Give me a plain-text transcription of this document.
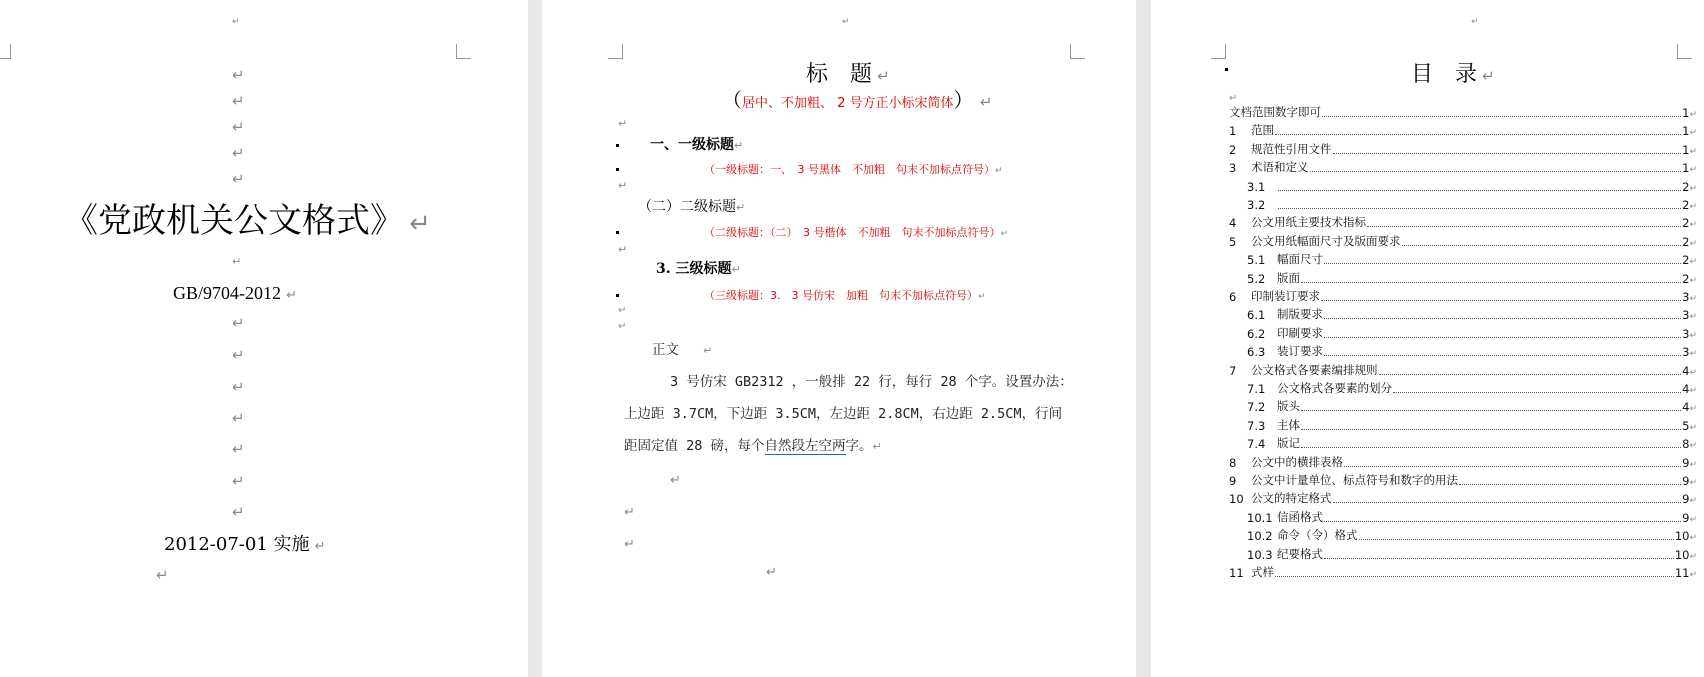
↵
↵
↵
↵
↵
↵
《党政机关公文格式》 ↵
↵
GB/9704-2012 ↵
↵
↵
↵
↵
↵
↵
↵
2012-07-01 实施 ↵
↵
↵
标　题 ↵
（居中、不加粗、 2 号方正小标宋简体） ↵
↵
一、一级标题↵
（一级标题：一、　3 号黑体　不加粗　句末不加标点符号）↵
↵
（二）二级标题↵
（二级标题：（二）　3 号楷体　不加粗　句末不加标点符号）↵
↵
3. 三级标题↵
（三级标题：3.　3 号仿宋　加粗　句末不加标点符号）↵
↵
↵
正文 ↵
3 号仿宋 GB2312 ，一般排 22 行，每行 28 个字。设置办法：
上边距 3.7CM，下边距 3.5CM，左边距 2.8CM，右边距 2.5CM，行间
距固定值 28 磅，每个自然段左空两字。↵
↵
↵
↵
↵
↵
目　录 ↵
↵
文档范围数字即可	1 ↵
1	范围	1 ↵
2	规范性引用文件	1 ↵
3	术语和定义	1 ↵
3.1	2 ↵
3.2	2 ↵
4	公文用纸主要技术指标	2 ↵
5	公文用纸幅面尺寸及版面要求	2 ↵
5.1	幅面尺寸	2 ↵
5.2	版面	2 ↵
6	印制装订要求	3 ↵
6.1	制版要求	3 ↵
6.2	印刷要求	3 ↵
6.3	装订要求	3 ↵
7	公文格式各要素编排规则	4 ↵
7.1	公文格式各要素的划分	4 ↵
7.2	版头	4 ↵
7.3	主体	5 ↵
7.4	版记	8 ↵
8	公文中的横排表格	9 ↵
9	公文中计量单位、标点符号和数字的用法	9 ↵
10 公文的特定格式	9 ↵
10.1 信函格式	9 ↵
10.2 命令（令）格式	10 ↵
10.3 纪要格式	10 ↵
11 式样	11 ↵
